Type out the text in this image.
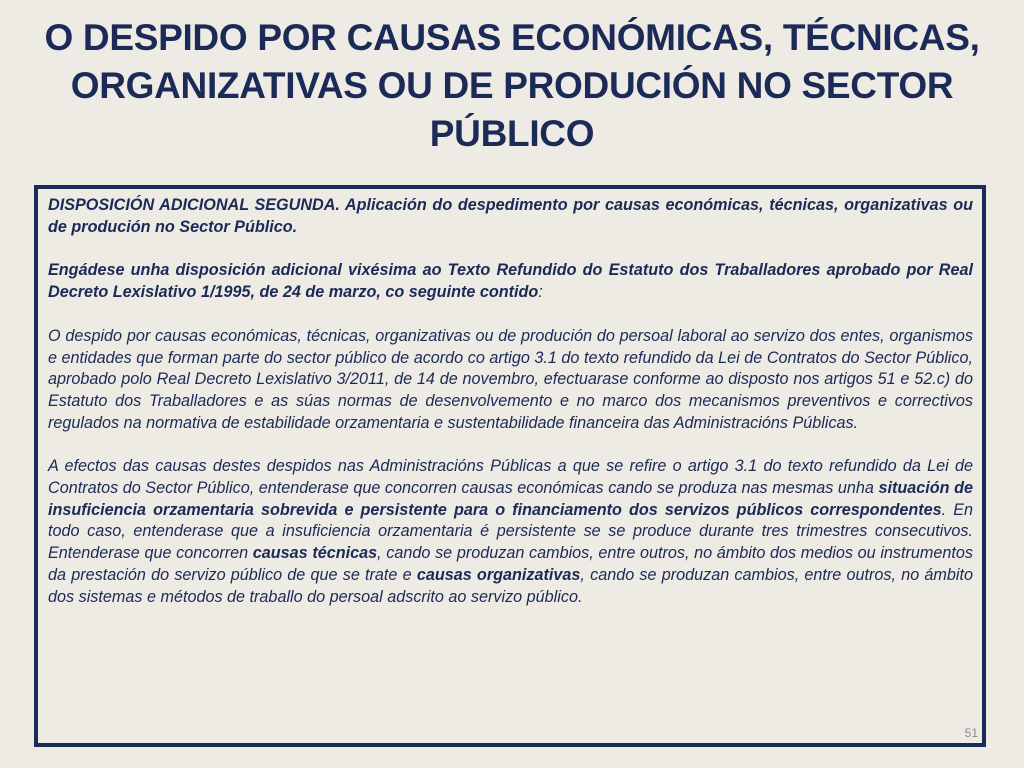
O DESPIDO POR CAUSAS ECONÓMICAS, TÉCNICAS, ORGANIZATIVAS OU DE PRODUCIÓN NO SECTOR PÚBLICO

DISPOSICIÓN ADICIONAL SEGUNDA. Aplicación do despedimento por causas económicas, técnicas, organizativas ou de produción no Sector Público.

Engádese unha disposición adicional vixésima ao Texto Refundido do Estatuto dos Traballadores aprobado por Real Decreto Lexislativo 1/1995, de 24 de marzo, co seguinte contido:

O despido por causas económicas, técnicas, organizativas ou de produción do persoal laboral ao servizo dos entes, organismos e entidades que forman parte do sector público de acordo co artigo 3.1 do texto refundido da Lei de Contratos do Sector Público, aprobado polo Real Decreto Lexislativo 3/2011, de 14 de novembro, efectuarase conforme ao disposto nos artigos 51 e 52.c) do Estatuto dos Traballadores e as súas normas de desenvolvemento e no marco dos mecanismos preventivos e correctivos regulados na normativa de estabilidade orzamentaria e sustentabilidade financeira das Administracións Públicas.

A efectos das causas destes despidos nas Administracións Públicas a que se refire o artigo 3.1 do texto refundido da Lei de Contratos do Sector Público, entenderase que concorren causas económicas cando se produza nas mesmas unha situación de insuficiencia orzamentaria sobrevida e persistente para o financiamento dos servizos públicos correspondentes. En todo caso, entenderase que a insuficiencia orzamentaria é persistente se se produce durante tres trimestres consecutivos. Entenderase que concorren causas técnicas, cando se produzan cambios, entre outros, no ámbito dos medios ou instrumentos da prestación do servizo público de que se trate e causas organizativas, cando se produzan cambios, entre outros, no ámbito dos sistemas e métodos de traballo do persoal adscrito ao servizo público.

51
